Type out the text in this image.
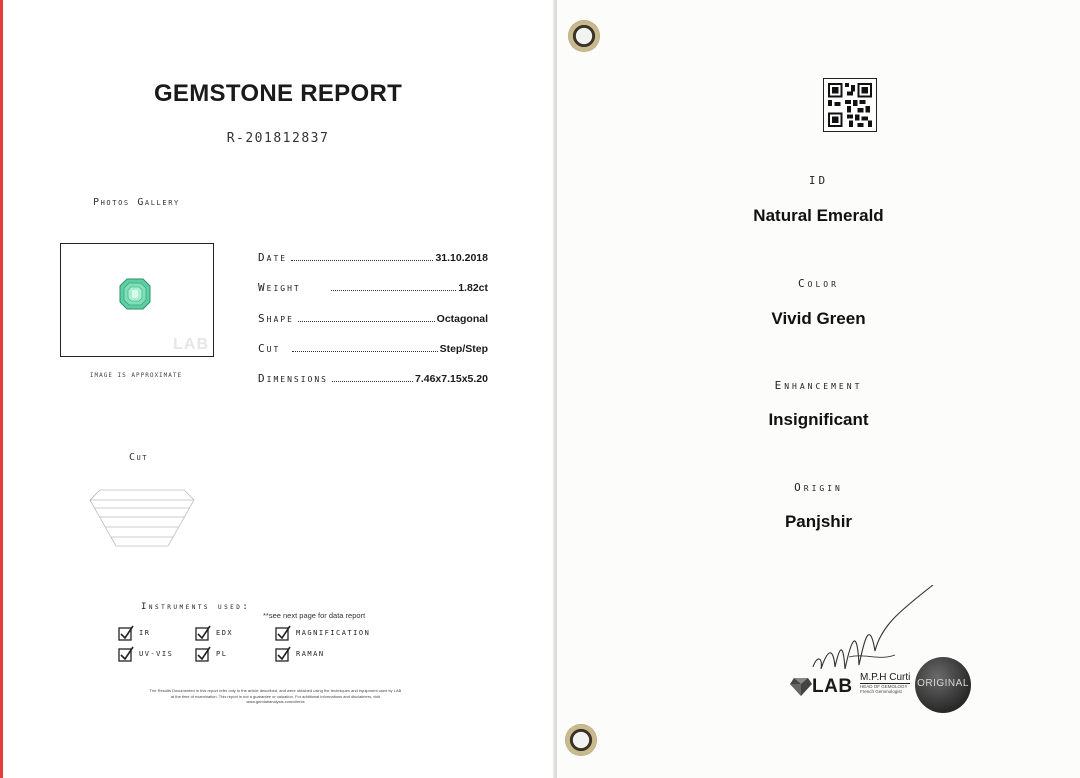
GEMSTONE REPORT
R-201812837
Photos Gallery
LAB
IMAGE IS APPROXIMATE
Date	31.10.2018
Weight	1.82ct
Shape	Octagonal
Cut	Step/Step
Dimensions	7.46x7.15x5.20
Cut
Instruments used:
**see next page for data report
IR	EDX	MAGNIFICATION
UV-VIS	PL	RAMAN
The Results Documented in this report refer only to the article described, and were obtained using the techniques and equipment used by LAB
at the time of examination. This report is not a guarantee or valuation. For additional informations and disclaimers, visit
www.gemlabanalysis.com/clients
ID
Natural Emerald
Color
Vivid Green
Enhancement
Insignificant
Origin
Panjshir
LAB M.P.H Curti
HEAD OF GEMOLOGY
French Gemmologist
ORIGINAL
